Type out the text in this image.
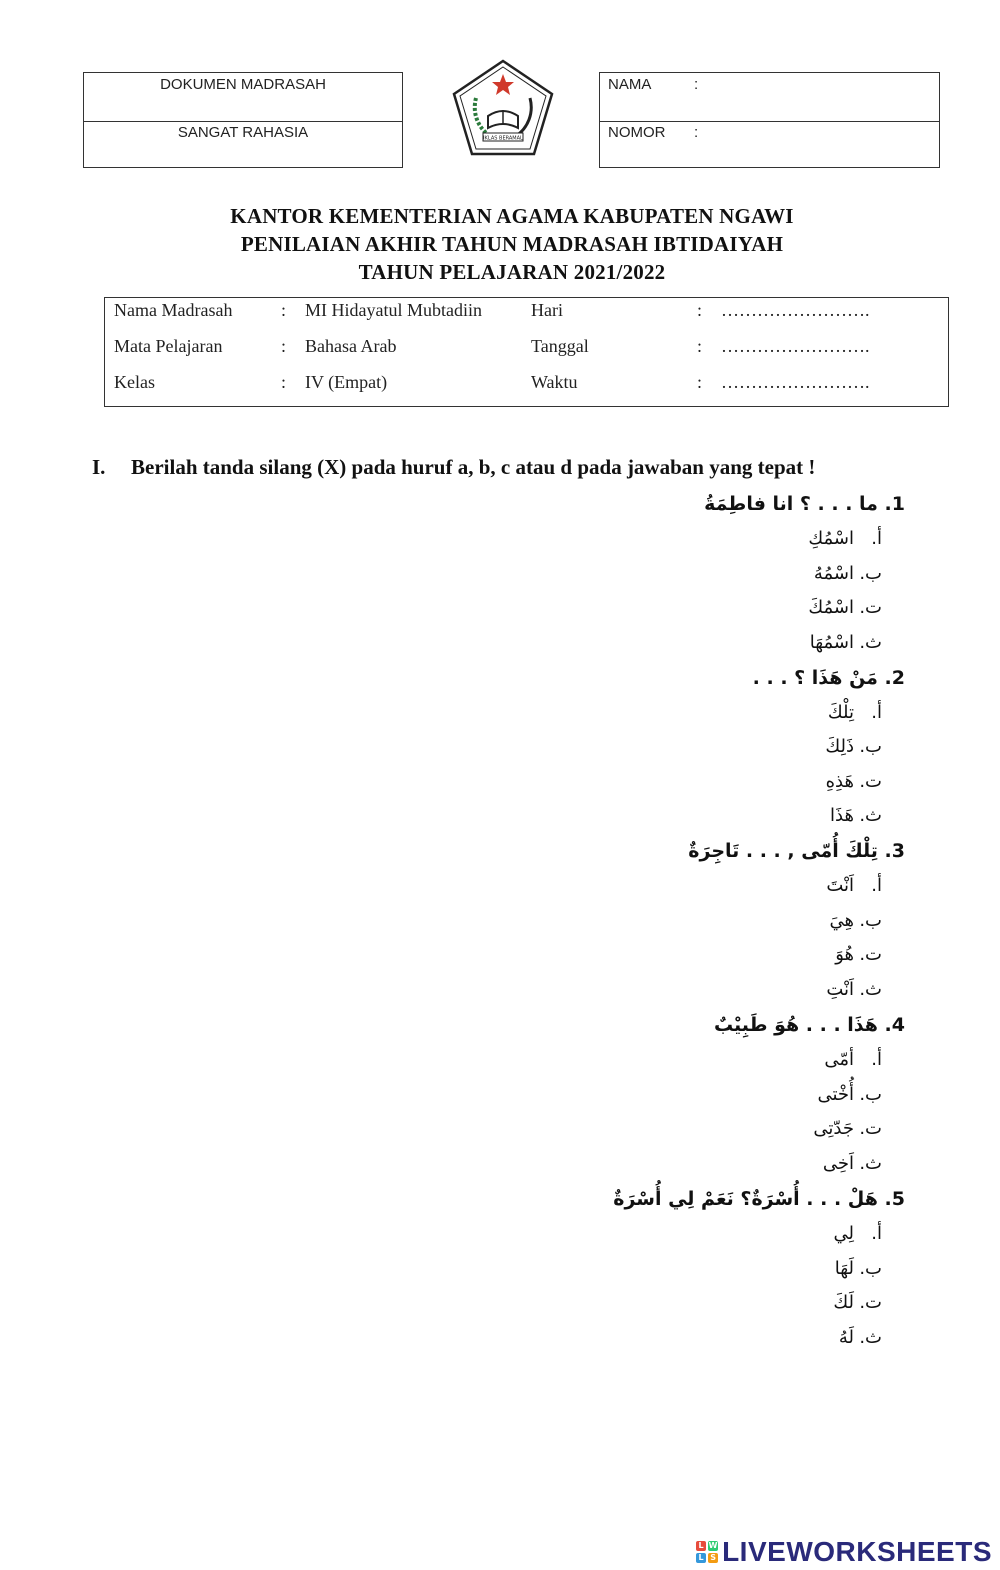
DOKUMEN MADRASAH
SANGAT RAHASIA	IKLAS BERAMAL
NAMA	:
NOMOR :
KANTOR KEMENTERIAN AGAMA KABUPATEN NGAWI
PENILAIAN AKHIR TAHUN MADRASAH IBTIDAIYAH
TAHUN PELAJARAN 2021/2022
Nama Madrasah	: MI Hidayatul Mubtadiin	Hari	: …………………….
Mata Pelajaran	: Bahasa Arab	Tanggal	: …………………….
Kelas	: IV (Empat)	Waktu	: …………………….
I. Berilah tanda silang (X) pada huruf a, b, c atau d pada jawaban yang tepat !
1. ما . . . ؟ انا فاطِمَةُ
أ.اسْمُكِ
ب.اسْمُهُ
ت.اسْمُكَ
ث.اسْمُهَا
2. مَنْ هَذَا ؟ . . .
أ.تِلْكَ
ب.ذَلِكَ
ت.هَذِهِ
ث.هَذَا
3. تِلْكَ أُمّى , . . . تَاجِرَةٌ
أ.اَنْتَ
ب.هِيَ
ت.هُوَ
ث.اَنْتِ
4. هَذَا . . . هُوَ طَبِيْبٌ
أ.أمّى
ب.أُخْتى
ت.جَدّتِى
ث.اَخِى
5. هَلْ . . . أُسْرَةٌ؟ نَعَمْ لِي أُسْرَةٌ
أ.لِي
ب.لَهَا
ت.لَكَ
ث.لَهُ
L W
L S LIVEWORKSHEETS
